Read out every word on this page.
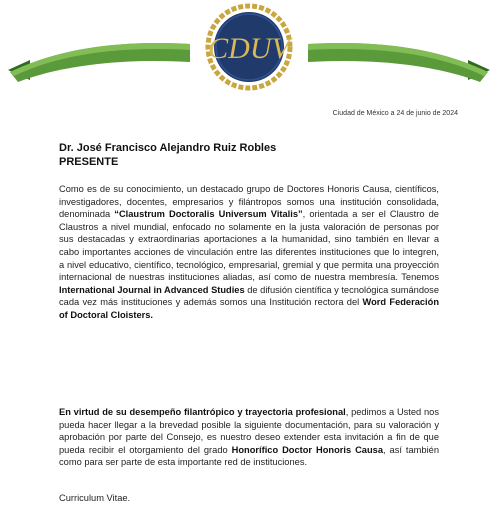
CDUV
Ciudad de México a 24 de junio de 2024
Dr. José Francisco Alejandro Ruiz Robles
PRESENTE
Como es de su conocimiento, un destacado grupo de Doctores Honoris Causa, científicos, investigadores, docentes, empresarios y filántropos somos una institución consolidada, denominada “Claustrum Doctoralis Universum Vitalis”, orientada a ser el Claustro de Claustros a nivel mundial, enfocado no solamente en la justa valoración de personas por sus destacadas y extraordinarias aportaciones a la humanidad, sino también en llevar a cabo importantes acciones de vinculación entre las diferentes instituciones que lo integren, a nivel educativo, científico, tecnológico, empresarial, gremial y que permita una proyección internacional de nuestras instituciones aliadas, así como de nuestra membresía. Tenemos International Journal in Advanced Studies de difusión científica y tecnológica sumándose cada vez más instituciones y además somos una Institución rectora del Word Federación of Doctoral Cloisters.
En virtud de su desempeño filantrópico y trayectoria profesional, pedimos a Usted nos pueda hacer llegar a la brevedad posible la siguiente documentación, para su valoración y aprobación por parte del Consejo, es nuestro deseo extender esta invitación a fin de que pueda recibir el otorgamiento del grado Honorífico Doctor Honoris Causa, así también como para ser parte de esta importante red de instituciones.
Curriculum Vitae.
